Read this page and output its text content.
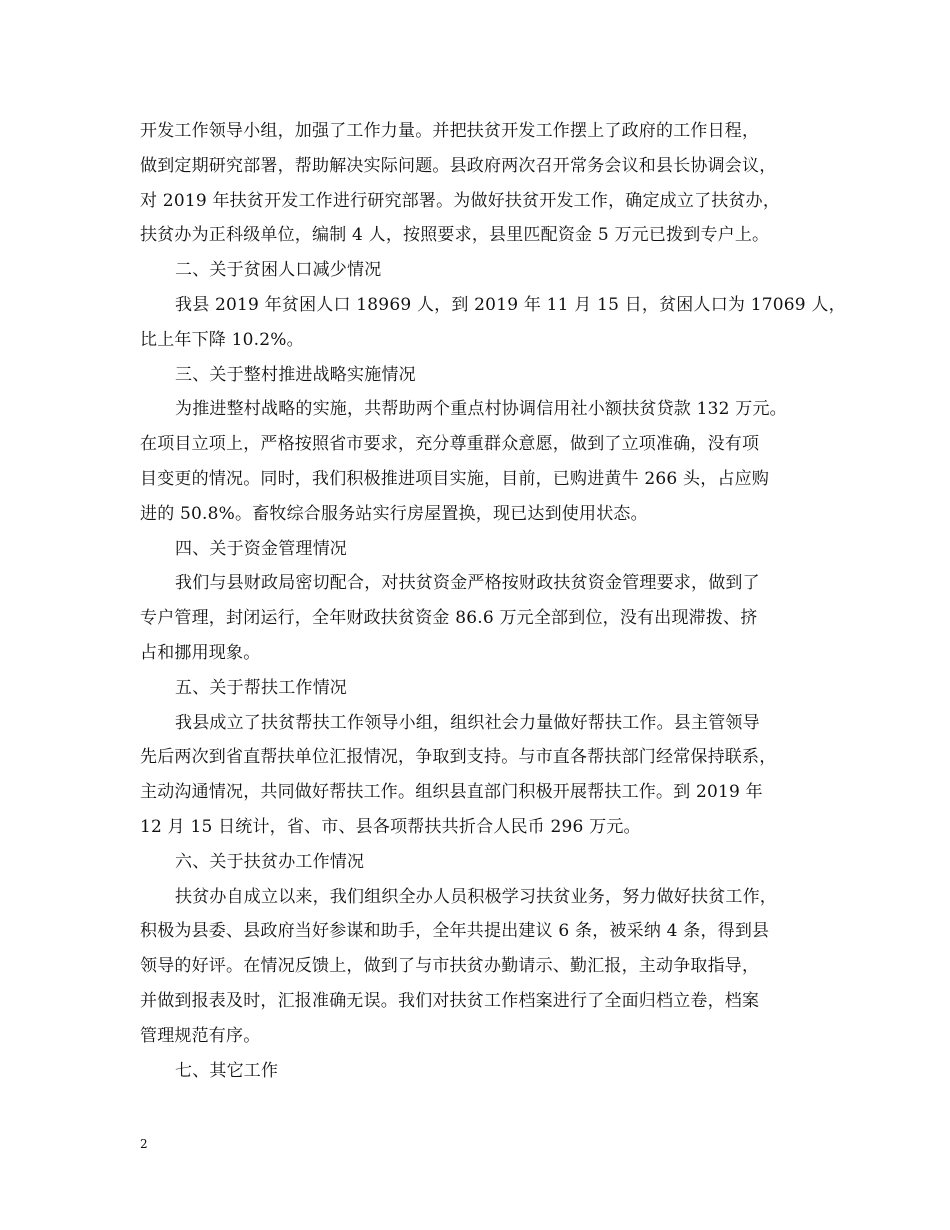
开发工作领导小组，加强了工作力量。并把扶贫开发工作摆上了政府的工作日程，
做到定期研究部署，帮助解决实际问题。县政府两次召开常务会议和县长协调会议，
对 2019 年扶贫开发工作进行研究部署。为做好扶贫开发工作，确定成立了扶贫办，
扶贫办为正科级单位，编制 4 人，按照要求，县里匹配资金 5 万元已拨到专户上。
二、关于贫困人口减少情况
我县 2019 年贫困人口 18969 人，到 2019 年 11 月 15 日，贫困人口为 17069 人，
比上年下降 10.2%。
三、关于整村推进战略实施情况
为推进整村战略的实施，共帮助两个重点村协调信用社小额扶贫贷款 132 万元。
在项目立项上，严格按照省市要求，充分尊重群众意愿，做到了立项准确，没有项
目变更的情况。同时，我们积极推进项目实施，目前，已购进黄牛 266 头，占应购
进的 50.8%。畜牧综合服务站实行房屋置换，现已达到使用状态。
四、关于资金管理情况
我们与县财政局密切配合，对扶贫资金严格按财政扶贫资金管理要求，做到了
专户管理，封闭运行，全年财政扶贫资金 86.6 万元全部到位，没有出现滞拨、挤
占和挪用现象。
五、关于帮扶工作情况
我县成立了扶贫帮扶工作领导小组，组织社会力量做好帮扶工作。县主管领导
先后两次到省直帮扶单位汇报情况，争取到支持。与市直各帮扶部门经常保持联系，
主动沟通情况，共同做好帮扶工作。组织县直部门积极开展帮扶工作。到 2019 年
12 月 15 日统计，省、市、县各项帮扶共折合人民币 296 万元。
六、关于扶贫办工作情况
扶贫办自成立以来，我们组织全办人员积极学习扶贫业务，努力做好扶贫工作，
积极为县委、县政府当好参谋和助手，全年共提出建议 6 条，被采纳 4 条，得到县
领导的好评。在情况反馈上，做到了与市扶贫办勤请示、勤汇报，主动争取指导，
并做到报表及时，汇报准确无误。我们对扶贫工作档案进行了全面归档立卷，档案
管理规范有序。
七、其它工作
2
